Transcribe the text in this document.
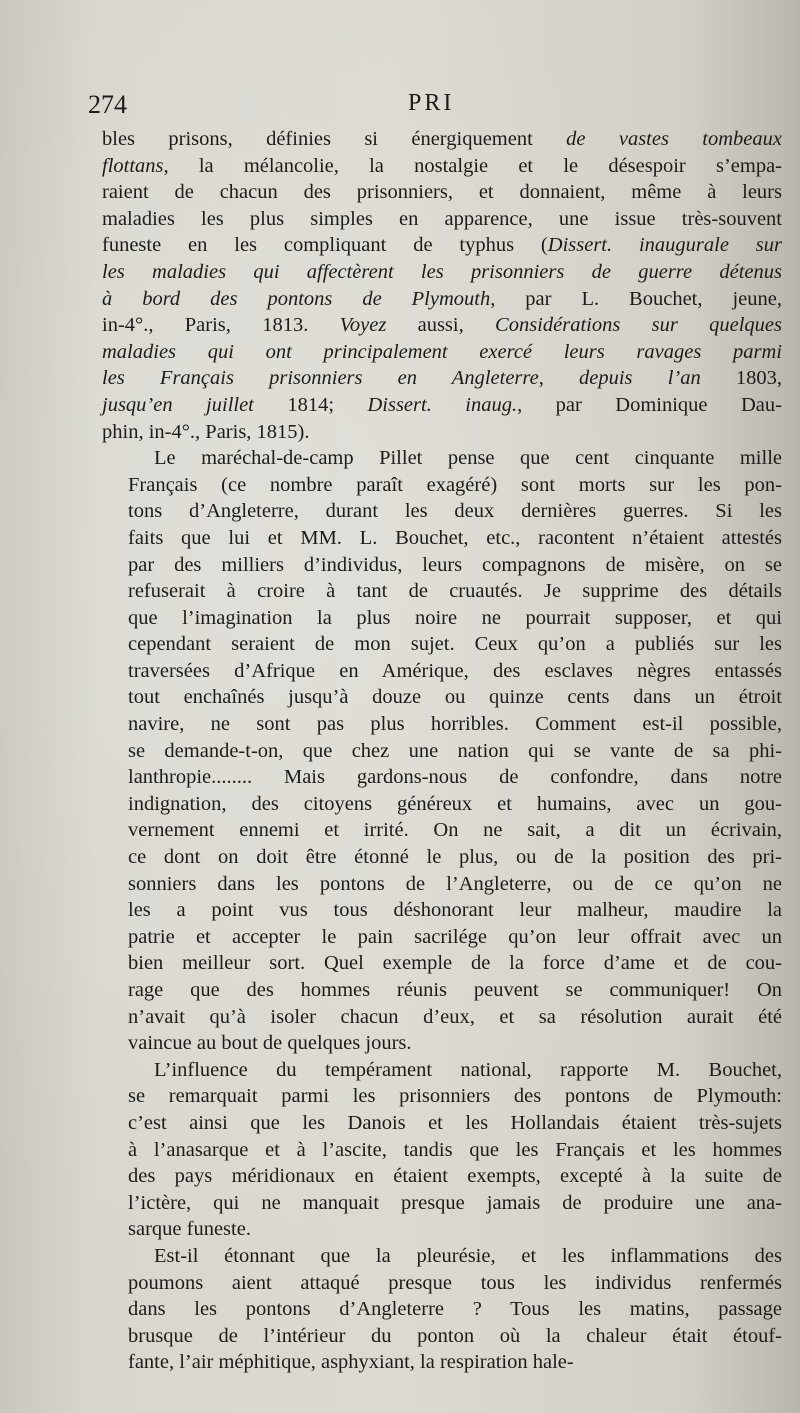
274	PRI

bles prisons, définies si énergiquement de vastes tombeaux
flottans, la mélancolie, la nostalgie et le désespoir s’empa-
raient de chacun des prisonniers, et donnaient, même à leurs
maladies les plus simples en apparence, une issue très-souvent
funeste en les compliquant de typhus (Dissert. inaugurale sur
les maladies qui affectèrent les prisonniers de guerre détenus
à bord des pontons de Plymouth, par L. Bouchet, jeune,
in-4°., Paris, 1813. Voyez aussi, Considérations sur quelques
maladies qui ont principalement exercé leurs ravages parmi
les Français prisonniers en Angleterre, depuis l’an 1803,
jusqu’en juillet 1814; Dissert. inaug., par Dominique Dau-
phin, in-4°., Paris, 1815).

Le maréchal-de-camp Pillet pense que cent cinquante mille
Français (ce nombre paraît exagéré) sont morts sur les pon-
tons d’Angleterre, durant les deux dernières guerres. Si les
faits que lui et MM. L. Bouchet, etc., racontent n’étaient attestés
par des milliers d’individus, leurs compagnons de misère, on se
refuserait à croire à tant de cruautés. Je supprime des détails
que l’imagination la plus noire ne pourrait supposer, et qui
cependant seraient de mon sujet. Ceux qu’on a publiés sur les
traversées d’Afrique en Amérique, des esclaves nègres entassés
tout enchaînés jusqu’à douze ou quinze cents dans un étroit
navire, ne sont pas plus horribles. Comment est-il possible,
se demande-t-on, que chez une nation qui se vante de sa phi-
lanthropie........ Mais gardons-nous de confondre, dans notre
indignation, des citoyens généreux et humains, avec un gou-
vernement ennemi et irrité. On ne sait, a dit un écrivain,
ce dont on doit être étonné le plus, ou de la position des pri-
sonniers dans les pontons de l’Angleterre, ou de ce qu’on ne
les a point vus tous déshonorant leur malheur, maudire la
patrie et accepter le pain sacrilége qu’on leur offrait avec un
bien meilleur sort. Quel exemple de la force d’ame et de cou-
rage que des hommes réunis peuvent se communiquer! On
n’avait qu’à isoler chacun d’eux, et sa résolution aurait été
vaincue au bout de quelques jours.

L’influence du tempérament national, rapporte M. Bouchet,
se remarquait parmi les prisonniers des pontons de Plymouth:
c’est ainsi que les Danois et les Hollandais étaient très-sujets
à l’anasarque et à l’ascite, tandis que les Français et les hommes
des pays méridionaux en étaient exempts, excepté à la suite de
l’ictère, qui ne manquait presque jamais de produire une ana-
sarque funeste.

Est-il étonnant que la pleurésie, et les inflammations des
poumons aient attaqué presque tous les individus renfermés
dans les pontons d’Angleterre ? Tous les matins, passage
brusque de l’intérieur du ponton où la chaleur était étouf-
fante, l’air méphitique, asphyxiant, la respiration hale-
